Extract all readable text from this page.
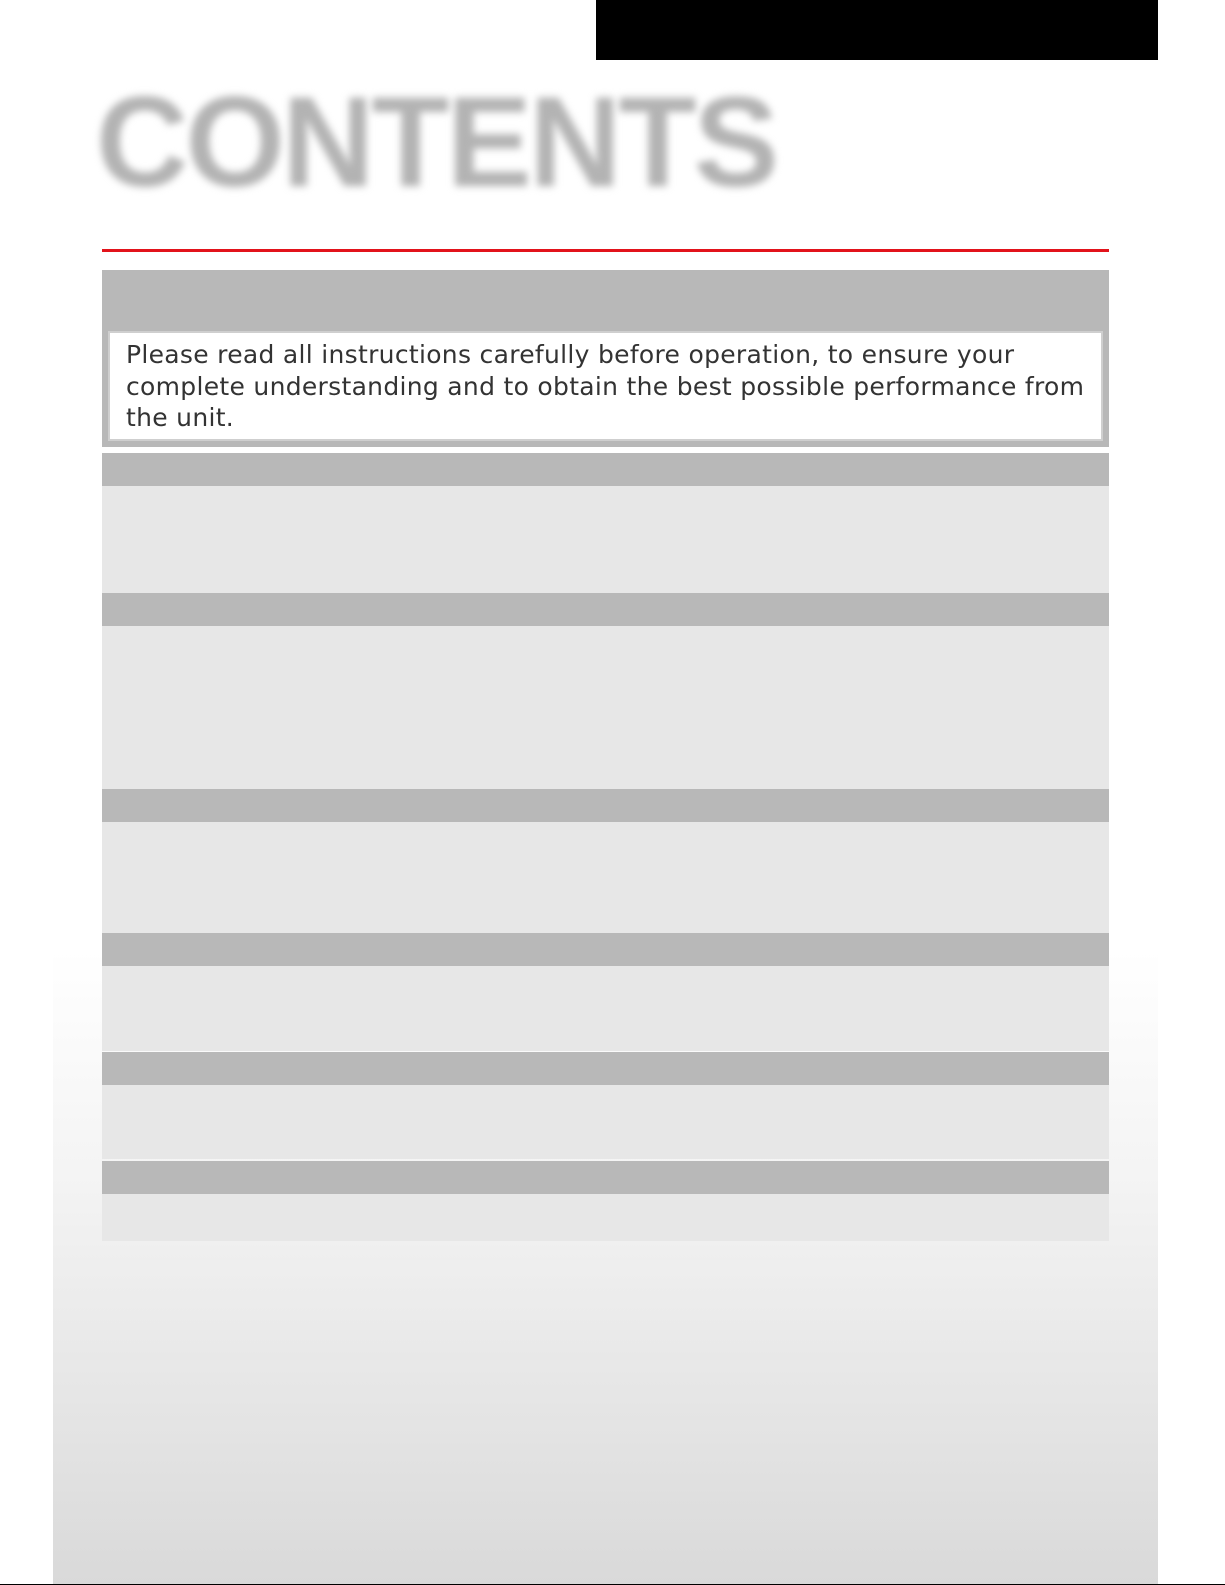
CONTENTS

Please read all instructions carefully before operation, to ensure your complete understanding and to obtain the best possible performance from the unit.
